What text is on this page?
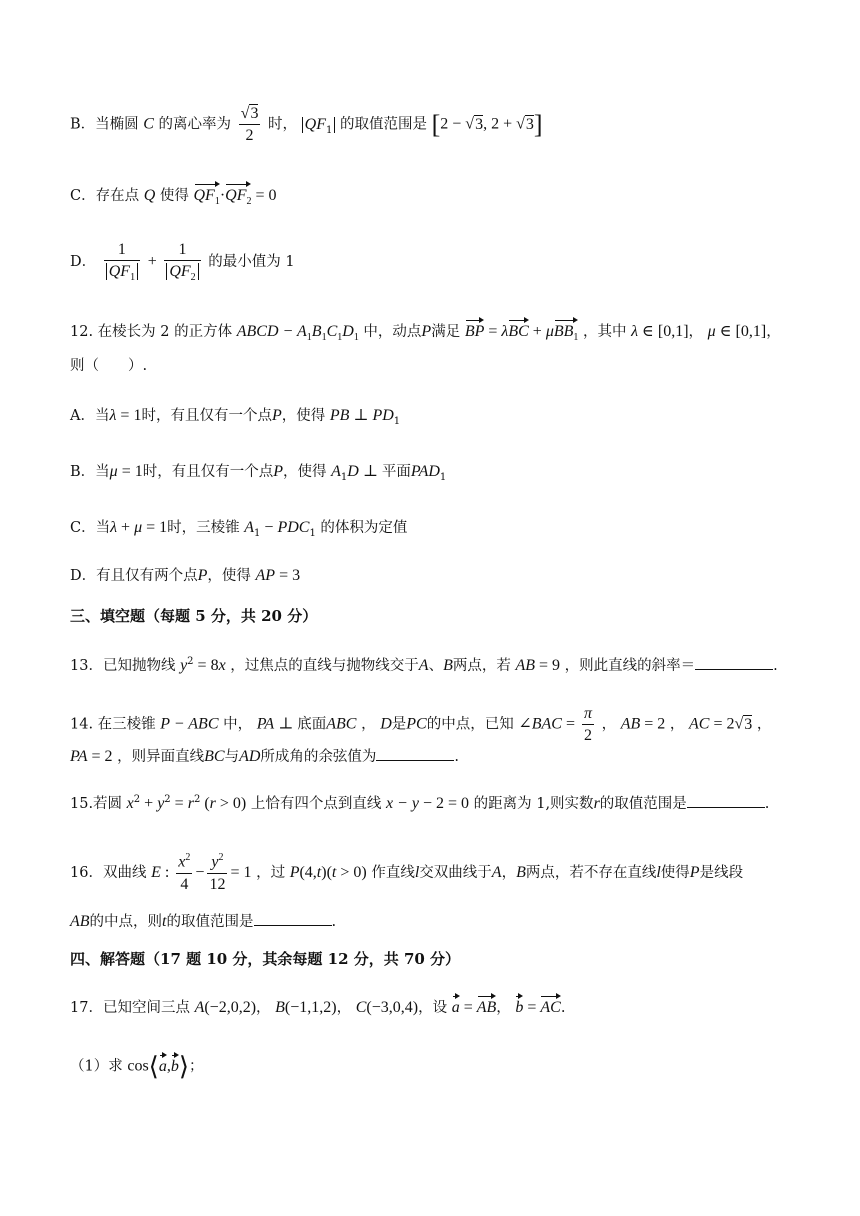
B．当椭圆 C 的离心率为 $\frac{√3}{2}$ 时， $QF_1$ 的取值范围是 [2 − √3, 2 + √3]
C．存在点 Q 使得 $QF_1\cdot QF_2 = 0$
D． $\frac{1}{QF_1} + \frac{1}{QF_2}$ 的最小值为 1
12. 在棱长为 2 的正方体 ABCD − $A_1B_1C_1D_1$ 中，动点P满足 BP = λBC + μBB$_1$ ，其中 λ ∈ [0,1]， μ ∈ [0,1]，
则（　　）.
A．当λ = 1时，有且仅有一个点P，使得 PB ⊥ $PD_1$
B．当μ = 1时，有且仅有一个点P，使得 $A_1D$ ⊥ 平面$PAD_1$
C．当λ + μ = 1时，三棱锥 $A_1 - PDC_1$ 的体积为定值
D．有且仅有两个点P，使得 AP = 3
三、填空题（每题 5 分，共 20 分）
13．已知抛物线 $y^2 = 8x$ ，过焦点的直线与抛物线交于A、B两点，若 AB = 9 ，则此直线的斜率＝	.
14. 在三棱锥 P − ABC 中， PA ⊥ 底面ABC ， D是PC的中点，已知 ∠BAC = $\frac{\pi}{2}$ ， AB = 2 ， AC = 2√3 ，
PA = 2 ，则异面直线BC与AD所成角的余弦值为	.
15.若圆 $x^2 + y^2 = r^2$ (r > 0) 上恰有四个点到直线 x − y − 2 = 0 的距离为 1,则实数r的取值范围是	.
16．双曲线 E : $\frac{x^2}{4} - \frac{y^2}{12} = 1$ ，过 P(4,t)(t > 0) 作直线l交双曲线于A，B两点，若不存在直线l使得P是线段
AB的中点，则t的取值范围是	.
四、解答题（17 题 10 分，其余每题 12 分，共 70 分）
17．已知空间三点 A(−2,0,2)， B(−1,1,2)， C(−3,0,4)，设 a = AB， b = AC.
（1）求 cos⟨a,b⟩；
